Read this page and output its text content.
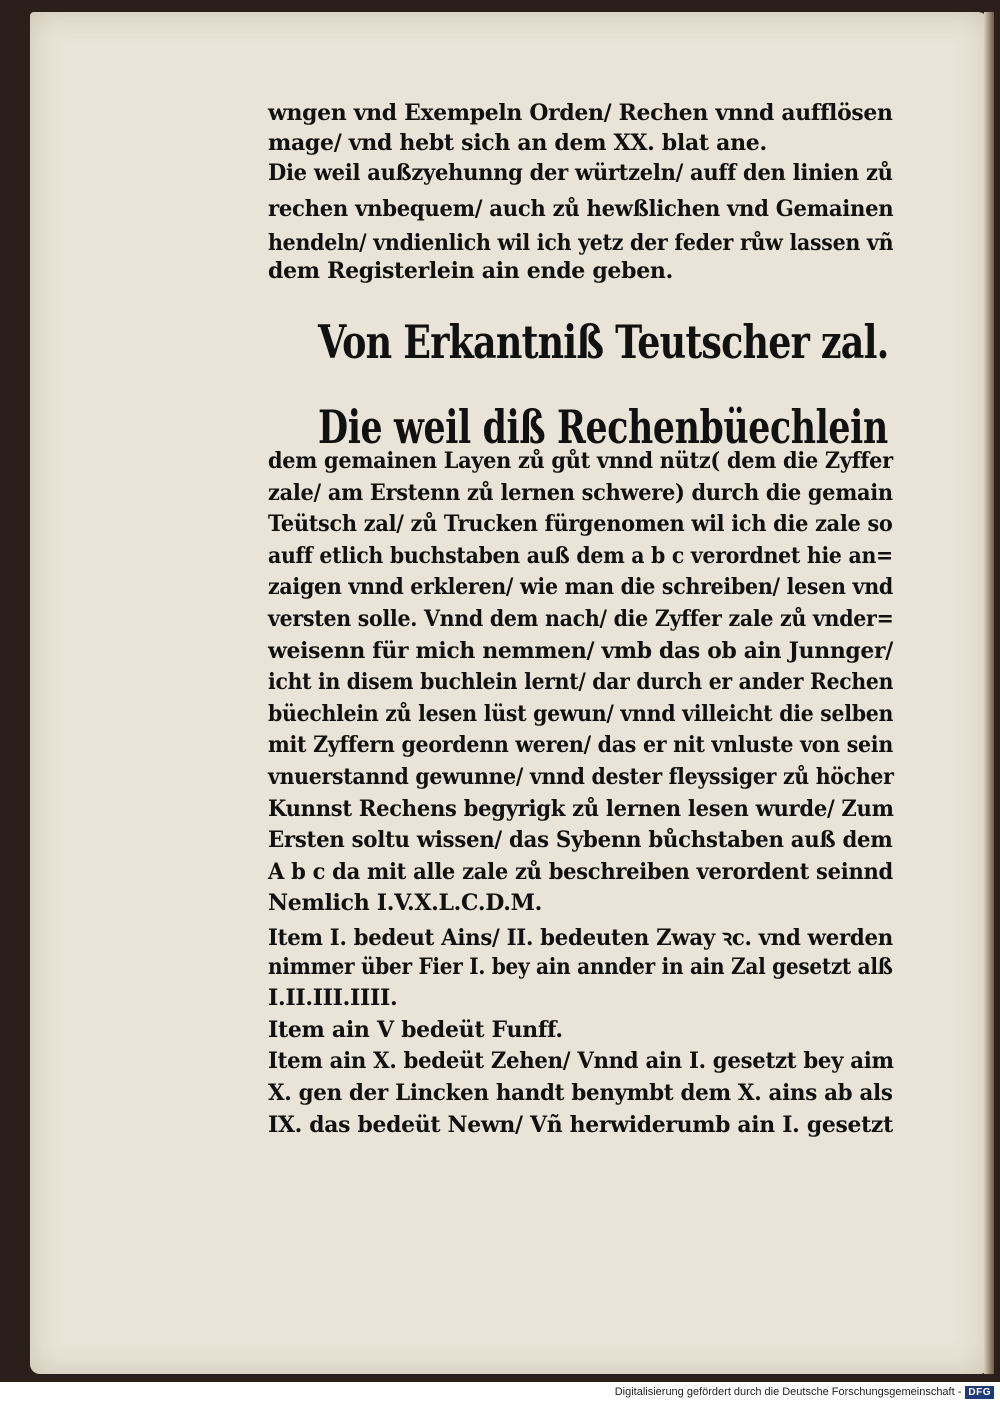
wngen vnd Exempeln Orden/ Rechen vnnd aufflösen
mage/ vnd hebt sich an dem XX. blat ane.
Die weil außzyehunng der würtzeln/ auff den linien zů
rechen vnbequem/ auch zů hewßlichen vnd Gemainen
hendeln/ vndienlich wil ich yetz der feder růw lassen vñ
dem Registerlein ain ende geben.
Von Erkantniß Teutscher zal.
Die weil diß Rechenbüechlein
dem gemainen Layen zů gůt vnnd nütz( dem die Zyffer
zale/ am Erstenn zů lernen schwere) durch die gemain
Teütsch zal/ zů Trucken fürgenomen wil ich die zale so
auff etlich buchstaben auß dem a b c verordnet hie an=
zaigen vnnd erkleren/ wie man die schreiben/ lesen vnd
versten solle. Vnnd dem nach/ die Zyffer zale zů vnder=
weisenn für mich nemmen/ vmb das ob ain Junnger/
icht in disem buchlein lernt/ dar durch er ander Rechen
büechlein zů lesen lüst gewun/ vnnd villeicht die selben
mit Zyffern geordenn weren/ das er nit vnluste von sein
vnuerstannd gewunne/ vnnd dester fleyssiger zů höcher
Kunnst Rechens begyrigk zů lernen lesen wurde/ Zum
Ersten soltu wissen/ das Sybenn bůchstaben auß dem
A b c da mit alle zale zů beschreiben verordent seinnd
Nemlich I.V.X.L.C.D.M.
Item I. bedeut Ains/ II. bedeuten Zway ꝛc. vnd werden
nimmer über Fier I. bey ain annder in ain Zal gesetzt alß
I.II.III.IIII.
Item ain V bedeüt Funff.
Item ain X. bedeüt Zehen/ Vnnd ain I. gesetzt bey aim
X. gen der Lincken handt benymbt dem X. ains ab als
IX. das bedeüt Newn/ Vñ herwiderumb ain I. gesetzt
Digitalisierung gefördert durch die Deutsche Forschungsgemeinschaft - DFG
